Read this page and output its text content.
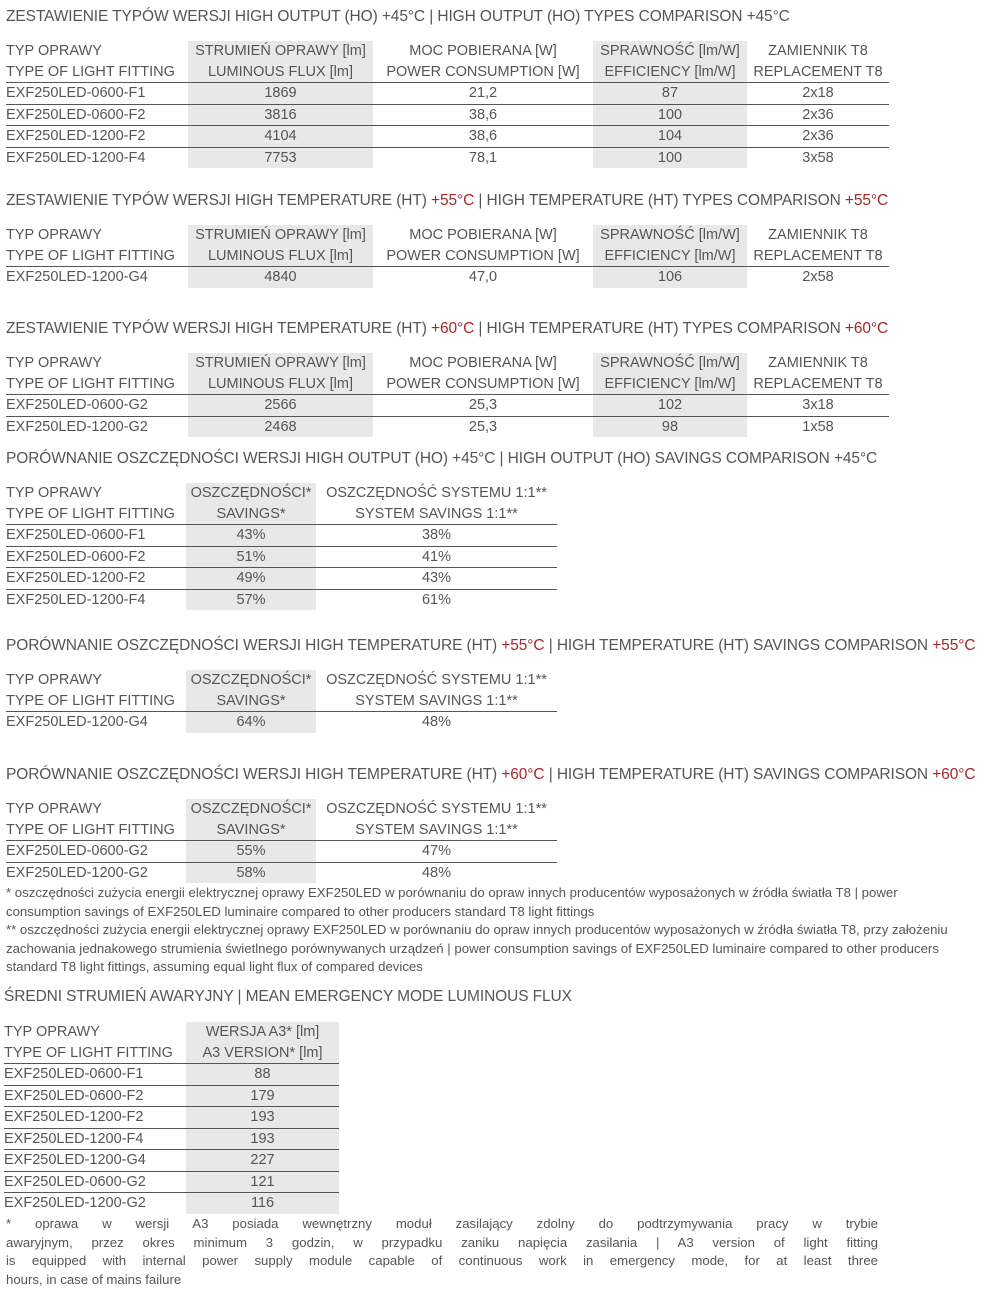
ZESTAWIENIE TYPÓW WERSJI HIGH OUTPUT (HO) +45°C | HIGH OUTPUT (HO) TYPES COMPARISON +45°C
TYP OPRAWY	STRUMIEŃ OPRAWY [lm]	MOC POBIERANA [W]	SPRAWNOŚĆ [lm/W]	ZAMIENNIK T8
TYPE OF LIGHT FITTING	LUMINOUS FLUX [lm]	POWER CONSUMPTION [W]	EFFICIENCY [lm/W]	REPLACEMENT T8
EXF250LED-0600-F1	1869	21,2	87	2x18
EXF250LED-0600-F2	3816	38,6	100	2x36
EXF250LED-1200-F2	4104	38,6	104	2x36
EXF250LED-1200-F4	7753	78,1	100	3x58
ZESTAWIENIE TYPÓW WERSJI HIGH TEMPERATURE (HT) +55°C | HIGH TEMPERATURE (HT) TYPES COMPARISON +55°C
TYP OPRAWY	STRUMIEŃ OPRAWY [lm]	MOC POBIERANA [W]	SPRAWNOŚĆ [lm/W]	ZAMIENNIK T8
TYPE OF LIGHT FITTING	LUMINOUS FLUX [lm]	POWER CONSUMPTION [W]	EFFICIENCY [lm/W]	REPLACEMENT T8
EXF250LED-1200-G4	4840	47,0	106	2x58
ZESTAWIENIE TYPÓW WERSJI HIGH TEMPERATURE (HT) +60°C | HIGH TEMPERATURE (HT) TYPES COMPARISON +60°C
TYP OPRAWY	STRUMIEŃ OPRAWY [lm]	MOC POBIERANA [W]	SPRAWNOŚĆ [lm/W]	ZAMIENNIK T8
TYPE OF LIGHT FITTING	LUMINOUS FLUX [lm]	POWER CONSUMPTION [W]	EFFICIENCY [lm/W]	REPLACEMENT T8
EXF250LED-0600-G2	2566	25,3	102	3x18
EXF250LED-1200-G2	2468	25,3	98	1x58
PORÓWNANIE OSZCZĘDNOŚCI WERSJI HIGH OUTPUT (HO) +45°C | HIGH OUTPUT (HO) SAVINGS COMPARISON +45°C
TYP OPRAWY	OSZCZĘDNOŚCI*	OSZCZĘDNOŚĆ SYSTEMU 1:1**
TYPE OF LIGHT FITTING	SAVINGS*	SYSTEM SAVINGS 1:1**
EXF250LED-0600-F1	43%	38%
EXF250LED-0600-F2	51%	41%
EXF250LED-1200-F2	49%	43%
EXF250LED-1200-F4	57%	61%
PORÓWNANIE OSZCZĘDNOŚCI WERSJI HIGH TEMPERATURE (HT) +55°C | HIGH TEMPERATURE (HT) SAVINGS COMPARISON +55°C
TYP OPRAWY	OSZCZĘDNOŚCI*	OSZCZĘDNOŚĆ SYSTEMU 1:1**
TYPE OF LIGHT FITTING	SAVINGS*	SYSTEM SAVINGS 1:1**
EXF250LED-1200-G4	64%	48%
PORÓWNANIE OSZCZĘDNOŚCI WERSJI HIGH TEMPERATURE (HT) +60°C | HIGH TEMPERATURE (HT) SAVINGS COMPARISON +60°C
TYP OPRAWY	OSZCZĘDNOŚCI*	OSZCZĘDNOŚĆ SYSTEMU 1:1**
TYPE OF LIGHT FITTING	SAVINGS*	SYSTEM SAVINGS 1:1**
EXF250LED-0600-G2	55%	47%
EXF250LED-1200-G2	58%	48%
* oszczędności zużycia energii elektrycznej oprawy EXF250LED w porównaniu do opraw innych producentów wyposażonych w źródła światła T8 | power consumption savings of EXF250LED luminaire compared to other producers standard T8 light fittings
** oszczędności zużycia energii elektrycznej oprawy EXF250LED w porównaniu do opraw innych producentów wyposażonych w źródła światła T8, przy założeniu zachowania jednakowego strumienia świetlnego porównywanych urządzeń | power consumption savings of EXF250LED luminaire compared to other producers standard T8 light fittings, assuming equal light flux of compared devices
ŚREDNI STRUMIEŃ AWARYJNY | MEAN EMERGENCY MODE LUMINOUS FLUX
TYP OPRAWY	WERSJA A3* [lm]
TYPE OF LIGHT FITTING	A3 VERSION* [lm]
EXF250LED-0600-F1	88
EXF250LED-0600-F2	179
EXF250LED-1200-F2	193
EXF250LED-1200-F4	193
EXF250LED-1200-G4	227
EXF250LED-0600-G2	121
EXF250LED-1200-G2	116
* oprawa w wersji A3 posiada wewnętrzny moduł zasilający zdolny do podtrzymywania pracy w trybie
awaryjnym, przez okres minimum 3 godzin, w przypadku zaniku napięcia zasilania | A3 version of light fitting
is equipped with internal power supply module capable of continuous work in emergency mode, for at least three
hours, in case of mains failure
